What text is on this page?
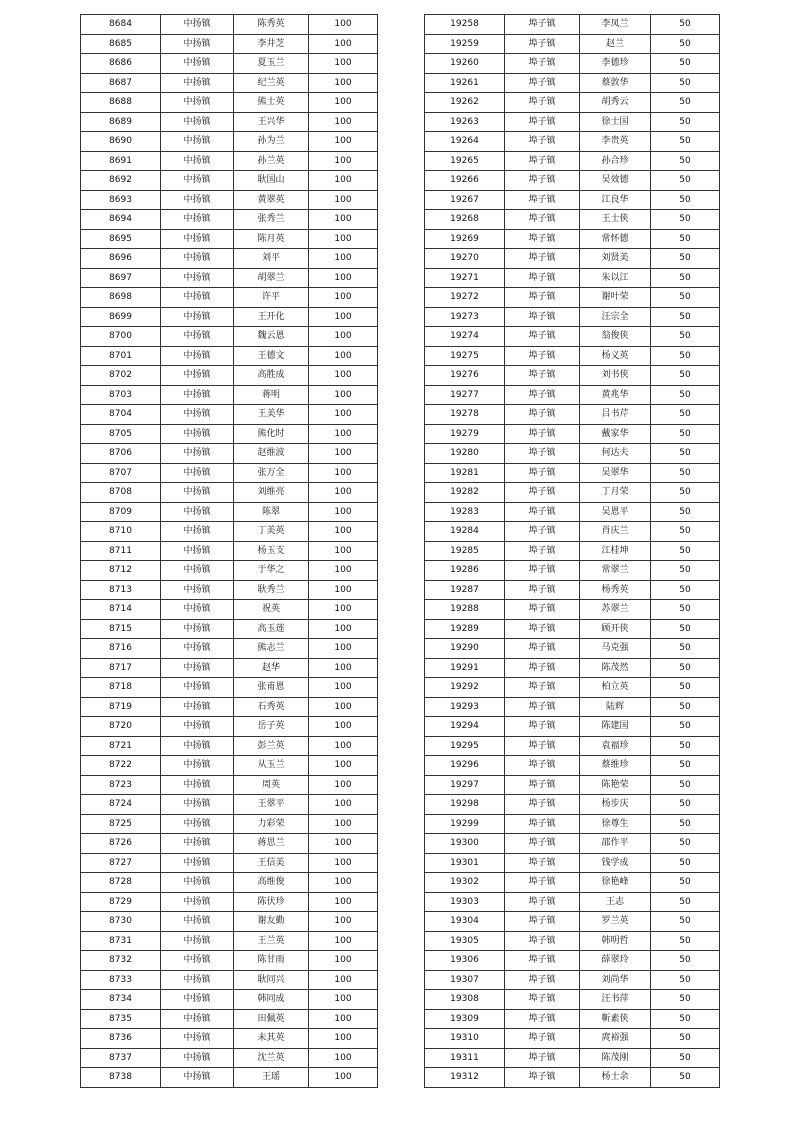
8684	中扬镇	陈秀英	100
8685	中扬镇	李井芝	100
8686	中扬镇	夏玉兰	100
8687	中扬镇	纪兰英	100
8688	中扬镇	熊士英	100
8689	中扬镇	王兴华	100
8690	中扬镇	孙为兰	100
8691	中扬镇	孙兰英	100
8692	中扬镇	耿国山	100
8693	中扬镇	黄翠英	100
8694	中扬镇	张秀兰	100
8695	中扬镇	陈月英	100
8696	中扬镇	刘平	100
8697	中扬镇	胡翠兰	100
8698	中扬镇	许平	100
8699	中扬镇	王开化	100
8700	中扬镇	魏云恩	100
8701	中扬镇	王德文	100
8702	中扬镇	高胜成	100
8703	中扬镇	蒋明	100
8704	中扬镇	王美华	100
8705	中扬镇	熊化时	100
8706	中扬镇	赵维波	100
8707	中扬镇	张万全	100
8708	中扬镇	刘维亮	100
8709	中扬镇	陈翠	100
8710	中扬镇	丁美英	100
8711	中扬镇	杨玉支	100
8712	中扬镇	于华之	100
8713	中扬镇	耿秀兰	100
8714	中扬镇	祝英	100
8715	中扬镇	高玉莲	100
8716	中扬镇	熊志兰	100
8717	中扬镇	赵华	100
8718	中扬镇	张甫恩	100
8719	中扬镇	石秀英	100
8720	中扬镇	岳子英	100
8721	中扬镇	彭兰英	100
8722	中扬镇	从玉兰	100
8723	中扬镇	周英	100
8724	中扬镇	王翠平	100
8725	中扬镇	力彩荣	100
8726	中扬镇	蒋思兰	100
8727	中扬镇	王信美	100
8728	中扬镇	高维俊	100
8729	中扬镇	陈伏珍	100
8730	中扬镇	谢友勤	100
8731	中扬镇	王兰英	100
8732	中扬镇	陈甘雨	100
8733	中扬镇	耿同兴	100
8734	中扬镇	韩同成	100
8735	中扬镇	田佩英	100
8736	中扬镇	未其英	100
8737	中扬镇	沈兰英	100
8738	中扬镇	王瑶	100
19258	埠子镇	李凤兰	50
19259	埠子镇	赵兰	50
19260	埠子镇	李德珍	50
19261	埠子镇	蔡敦华	50
19262	埠子镇	胡秀云	50
19263	埠子镇	徐士国	50
19264	埠子镇	李贵英	50
19265	埠子镇	孙合珍	50
19266	埠子镇	吴效德	50
19267	埠子镇	江良华	50
19268	埠子镇	王士侠	50
19269	埠子镇	常怀德	50
19270	埠子镇	刘贤美	50
19271	埠子镇	朱以江	50
19272	埠子镇	谢叶荣	50
19273	埠子镇	汪宗全	50
19274	埠子镇	翁俊侠	50
19275	埠子镇	杨义英	50
19276	埠子镇	刘书侠	50
19277	埠子镇	黄兆华	50
19278	埠子镇	吕书芹	50
19279	埠子镇	戴家华	50
19280	埠子镇	何达夫	50
19281	埠子镇	吴翠华	50
19282	埠子镇	丁月荣	50
19283	埠子镇	吴恩平	50
19284	埠子镇	肖庆兰	50
19285	埠子镇	江桂坤	50
19286	埠子镇	常翠兰	50
19287	埠子镇	杨秀英	50
19288	埠子镇	苏翠兰	50
19289	埠子镇	顾开侠	50
19290	埠子镇	马克强	50
19291	埠子镇	陈茂然	50
19292	埠子镇	柏立英	50
19293	埠子镇	陆辉	50
19294	埠子镇	陈建国	50
19295	埠子镇	袁福珍	50
19296	埠子镇	蔡维珍	50
19297	埠子镇	陈艳荣	50
19298	埠子镇	杨步庆	50
19299	埠子镇	徐尊生	50
19300	埠子镇	邵作平	50
19301	埠子镇	钱学成	50
19302	埠子镇	徐艳峰	50
19303	埠子镇	王志	50
19304	埠子镇	罗兰英	50
19305	埠子镇	韩明哲	50
19306	埠子镇	薛翠玲	50
19307	埠子镇	刘尚华	50
19308	埠子镇	汪书萍	50
19309	埠子镇	靳素侠	50
19310	埠子镇	庹裕强	50
19311	埠子镇	陈茂刚	50
19312	埠子镇	杨士余	50
